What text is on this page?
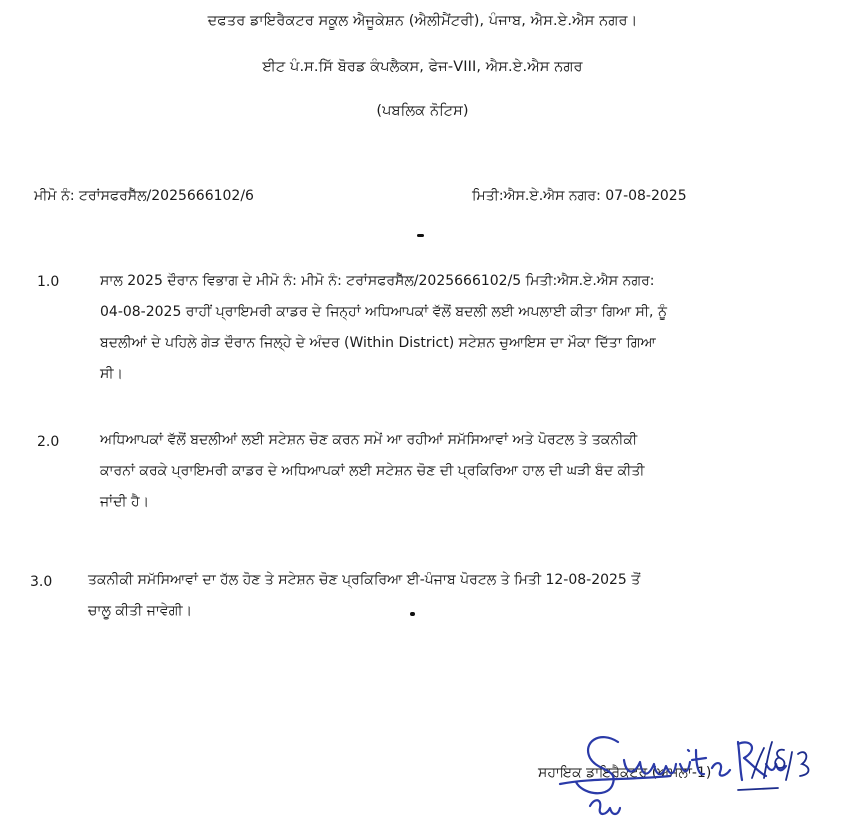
ਦਫਤਰ ਡਾਇਰੈਕਟਰ ਸਕੂਲ ਐਜੂਕੇਸ਼ਨ (ਐਲੀਮੈਂਟਰੀ), ਪੰਜਾਬ, ਐਸ.ਏ.ਐਸ ਨਗਰ।
ਈਟ ਪੰ.ਸ.ਸਿੱ ਬੋਰਡ ਕੰਪਲੈਕਸ, ਫੇਜ-VIII, ਐਸ.ਏ.ਐਸ ਨਗਰ
(ਪਬਲਿਕ ਨੋਟਿਸ)
ਮੀਮੋ ਨੰ: ਟਰਾਂਸਫਰਸੈੱਲ/2025666102/6	ਮਿਤੀ:ਐਸ.ਏ.ਐਸ ਨਗਰ: 07-08-2025
1.0	ਸਾਲ 2025 ਦੌਰਾਨ ਵਿਭਾਗ ਦੇ ਮੀਮੋ ਨੰ: ਮੀਮੋ ਨੰ: ਟਰਾਂਸਫਰਸੈੱਲ/2025666102/5 ਮਿਤੀ:ਐਸ.ਏ.ਐਸ ਨਗਰ:
04-08-2025 ਰਾਹੀਂ ਪ੍ਰਾਇਮਰੀ ਕਾਡਰ ਦੇ ਜਿਨ੍ਹਾਂ ਅਧਿਆਪਕਾਂ ਵੱਲੋਂ ਬਦਲੀ ਲਈ ਅਪਲਾਈ ਕੀਤਾ ਗਿਆ ਸੀ, ਨੂੰ
ਬਦਲੀਆਂ ਦੇ ਪਹਿਲੇ ਗੇੜ ਦੌਰਾਨ ਜਿਲ੍ਹੇ ਦੇ ਅੰਦਰ (Within District) ਸਟੇਸ਼ਨ ਚੁਆਇਸ ਦਾ ਮੌਕਾ ਦਿੱਤਾ ਗਿਆ
ਸੀ।
2.0	ਅਧਿਆਪਕਾਂ ਵੱਲੋਂ ਬਦਲੀਆਂ ਲਈ ਸਟੇਸ਼ਨ ਚੋਣ ਕਰਨ ਸਮੇਂ ਆ ਰਹੀਆਂ ਸਮੱਸਿਆਵਾਂ ਅਤੇ ਪੋਰਟਲ ਤੇ ਤਕਨੀਕੀ
ਕਾਰਨਾਂ ਕਰਕੇ ਪ੍ਰਾਇਮਰੀ ਕਾਡਰ ਦੇ ਅਧਿਆਪਕਾਂ ਲਈ ਸਟੇਸ਼ਨ ਚੋਣ ਦੀ ਪ੍ਰਕਿਰਿਆ ਹਾਲ ਦੀ ਘੜੀ ਬੰਦ ਕੀਤੀ
ਜਾਂਦੀ ਹੈ।
3.0	ਤਕਨੀਕੀ ਸਮੱਸਿਆਵਾਂ ਦਾ ਹੱਲ ਹੋਣ ਤੇ ਸਟੇਸ਼ਨ ਚੋਣ ਪ੍ਰਕਿਰਿਆ ਈ-ਪੰਜਾਬ ਪੋਰਟਲ ਤੇ ਮਿਤੀ 12-08-2025 ਤੋਂ
ਚਾਲੂ ਕੀਤੀ ਜਾਵੇਗੀ।
ਸਹਾਇਕ ਡਾਇਰੈਕਟਰ (ਅਮਲਾ-1)
